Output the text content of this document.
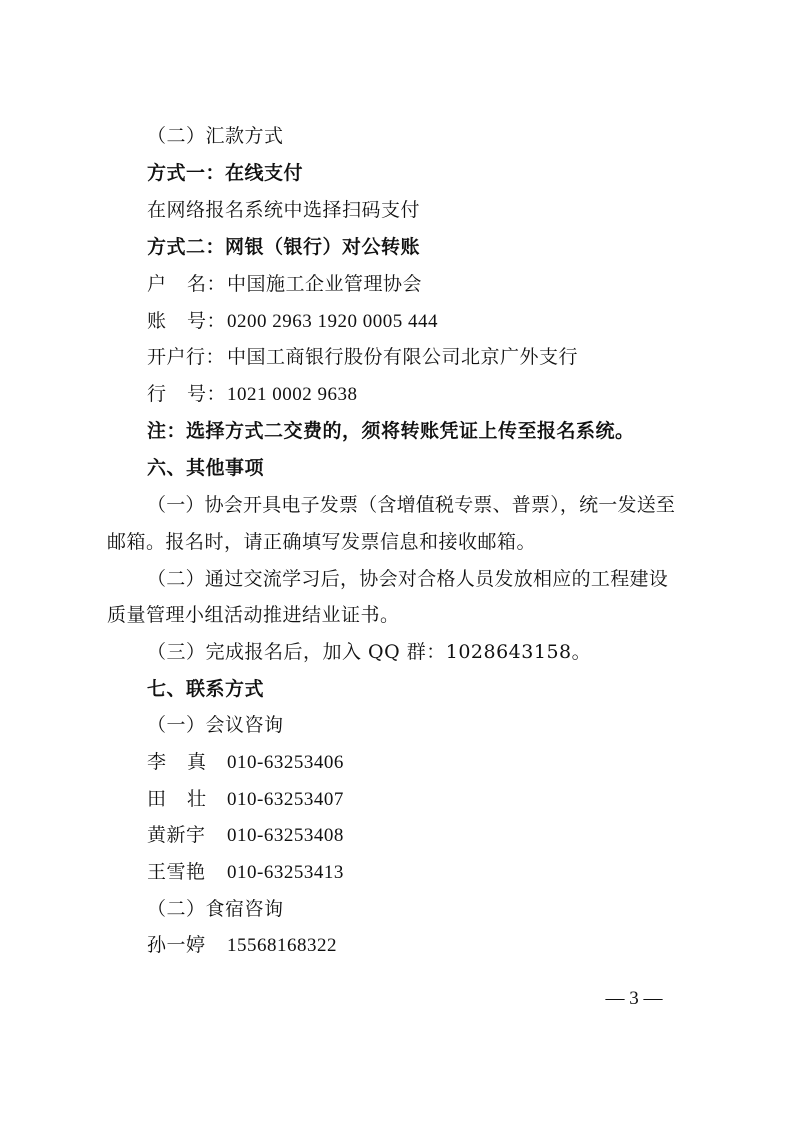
（二）汇款方式
方式一：在线支付
在网络报名系统中选择扫码支付
方式二：网银（银行）对公转账
户 名：中国施工企业管理协会
账 号：0200 2963 1920 0005 444
开户行： 中国工商银行股份有限公司北京广外支行
行 号：1021 0002 9638
注：选择方式二交费的，须将转账凭证上传至报名系统。
六、其他事项
（一）协会开具电子发票（含增值税专票、普票），统一发送至
邮箱。报名时，请正确填写发票信息和接收邮箱。
（二）通过交流学习后，协会对合格人员发放相应的工程建设
质量管理小组活动推进结业证书。
（三）完成报名后，加入 QQ 群：1028643158。
七、联系方式
（一）会议咨询
李 真 010-63253406
田 壮 010-63253407
黄新宇 010-63253408
王雪艳 010-63253413
（二）食宿咨询
孙一婷 15568168322
— 3 —
